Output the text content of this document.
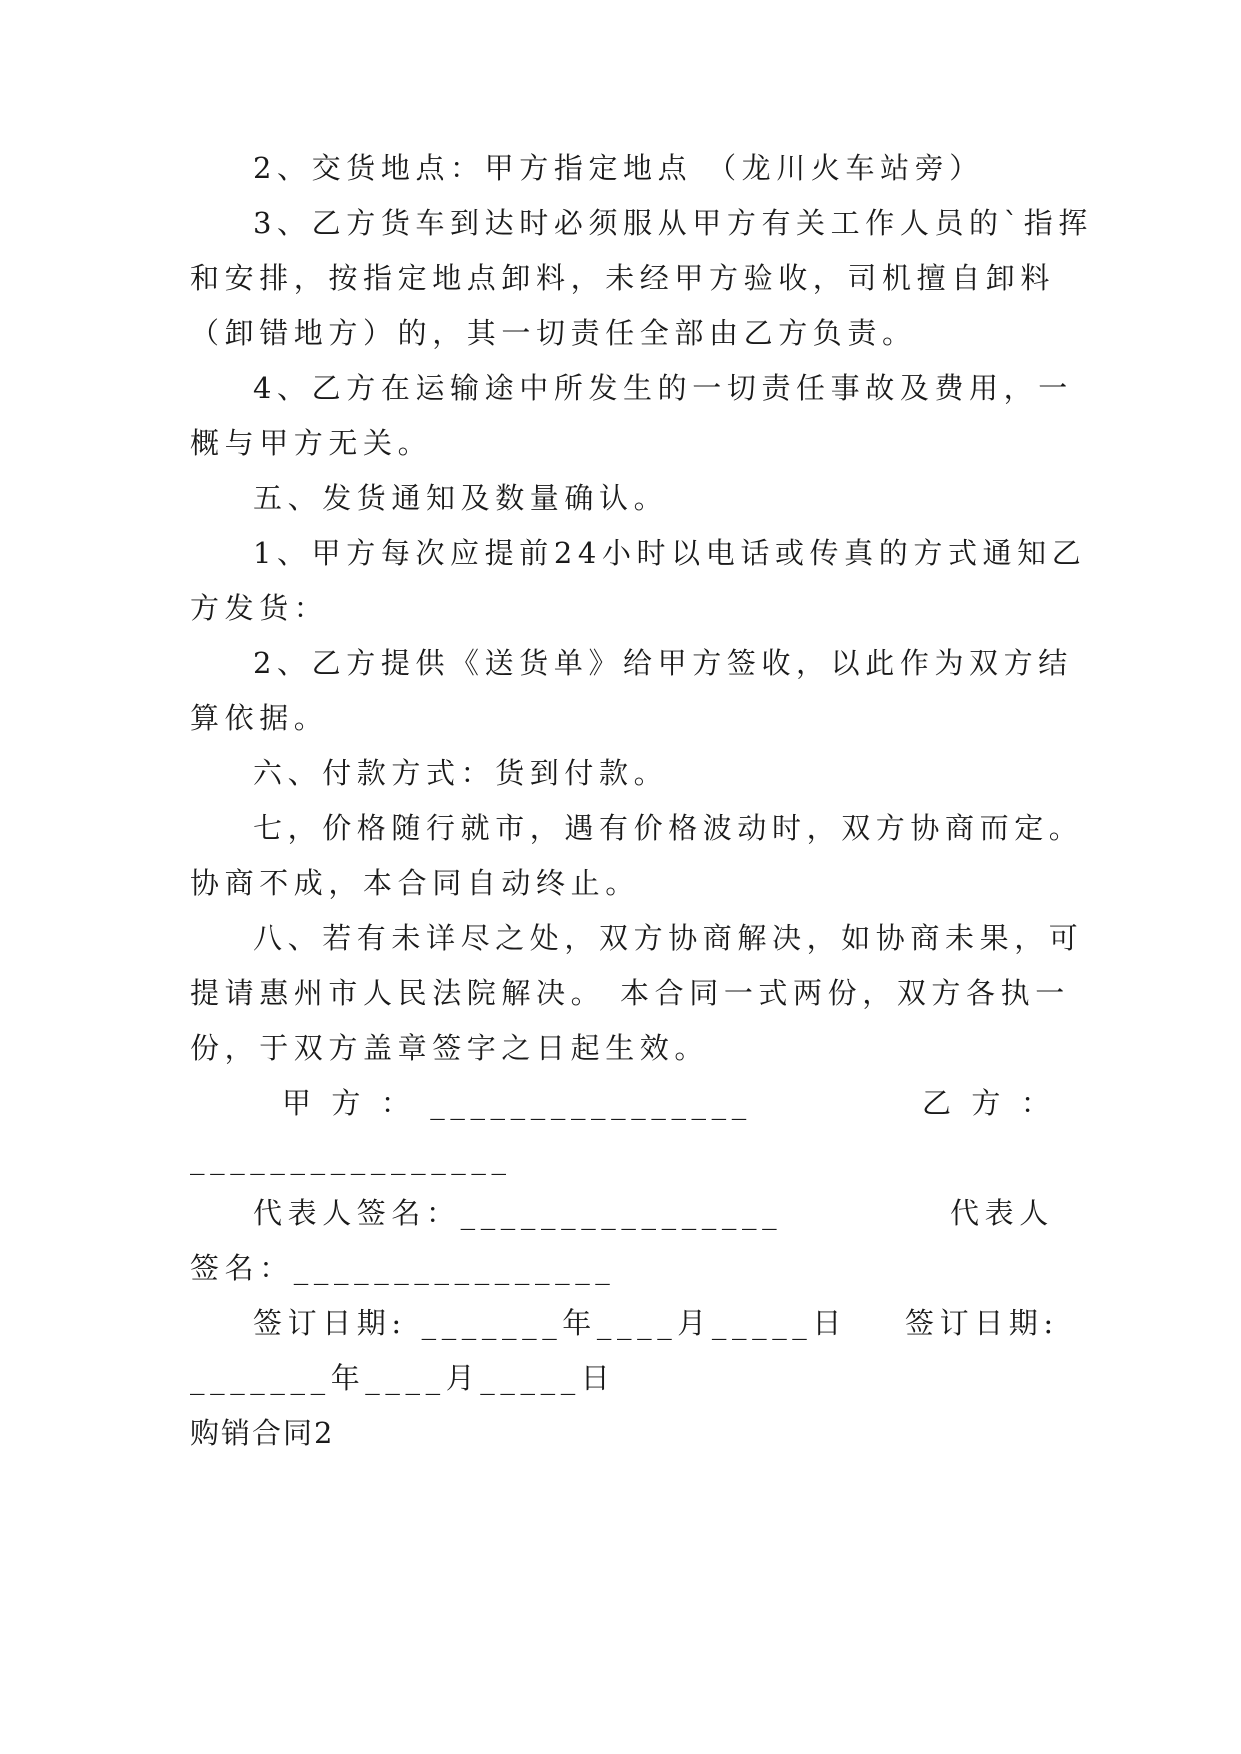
2、交货地点：甲方指定地点 （龙川火车站旁）
3、乙方货车到达时必须服从甲方有关工作人员的`指挥
和安排，按指定地点卸料，未经甲方验收，司机擅自卸料
（卸错地方）的，其一切责任全部由乙方负责。
4、乙方在运输途中所发生的一切责任事故及费用，一
概与甲方无关。
五、发货通知及数量确认。
1、甲方每次应提前24小时以电话或传真的方式通知乙
方发货：
2、乙方提供《送货单》给甲方签收，以此作为双方结
算依据。
六、付款方式：货到付款。
七，价格随行就市，遇有价格波动时，双方协商而定。
协商不成，本合同自动终止。
八、若有未详尽之处，双方协商解决，如协商未果，可
提请惠州市人民法院解决。 本合同一式两份，双方各执一
份，于双方盖章签字之日起生效。
甲 方 ： ________________	乙 方 ：
________________
代表人签名：________________	代表人
签名：________________
签订日期: _______年____月_____日 签订日期:
_______年____月_____日
购销合同2
